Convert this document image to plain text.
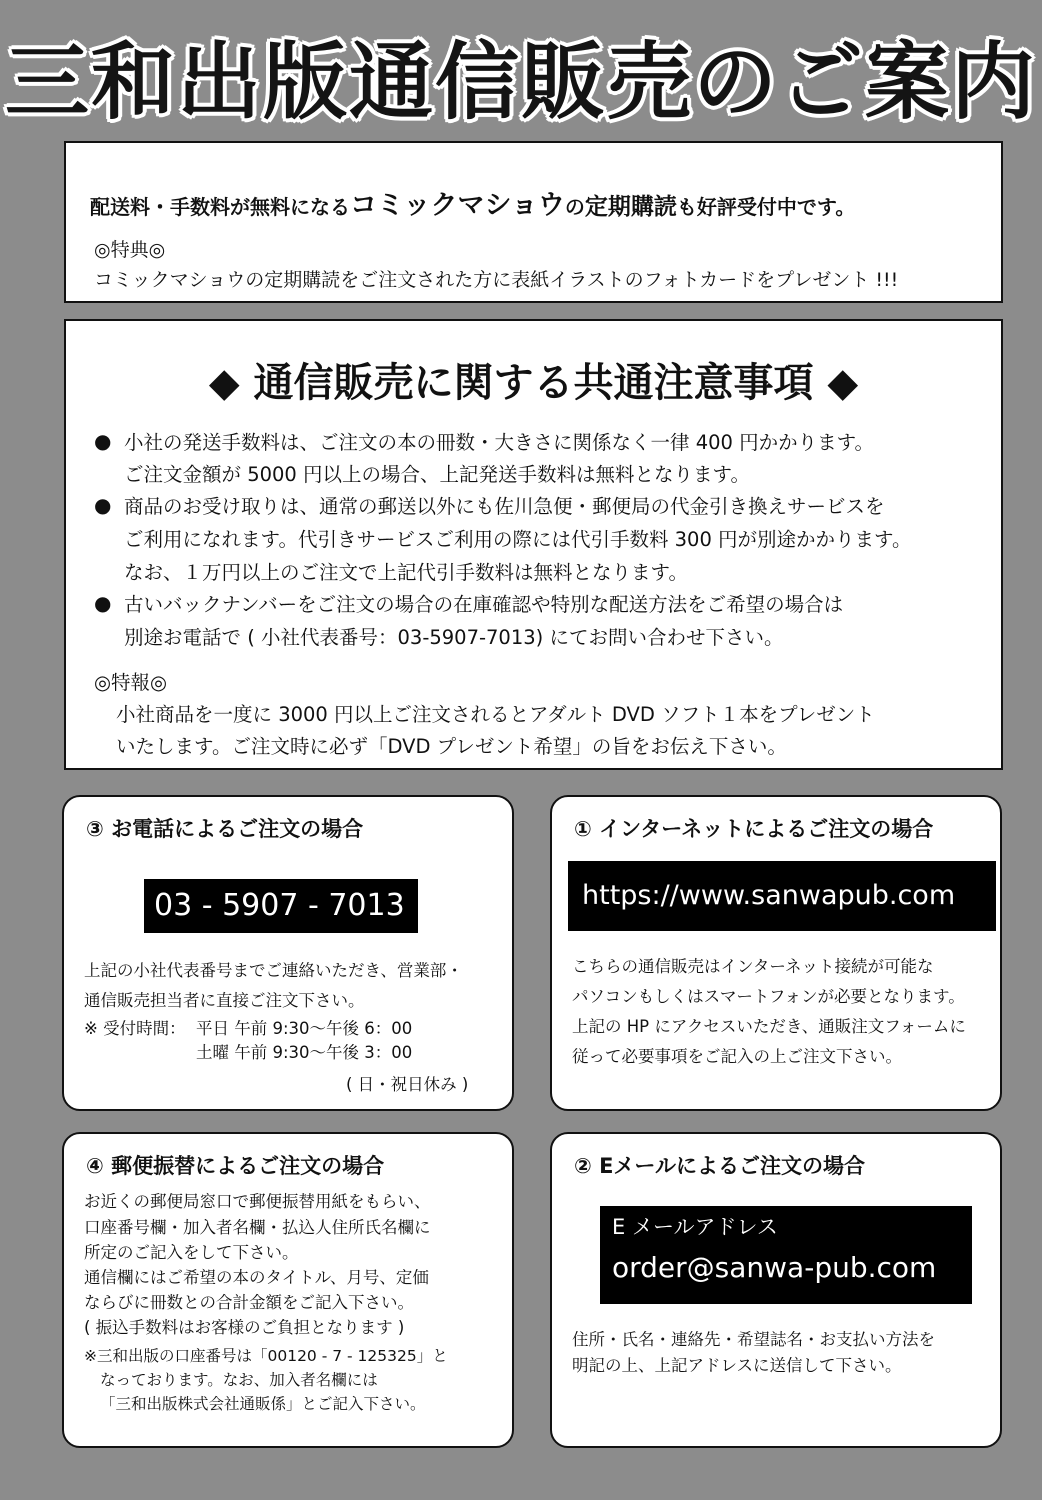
三和出版通信販売のご案内
配送料・手数料が無料になるコミックマショウの定期購読も好評受付中です。
◎特典◎
コミックマショウの定期購読をご注文された方に表紙イラストのフォトカードをプレゼント !!!
◆ 通信販売に関する共通注意事項 ◆
● 小社の発送手数料は、ご注文の本の冊数・大きさに関係なく一律 400 円かかります。
ご注文金額が 5000 円以上の場合、上記発送手数料は無料となります。
● 商品のお受け取りは、通常の郵送以外にも佐川急便・郵便局の代金引き換えサービスを
ご利用になれます。代引きサービスご利用の際には代引手数料 300 円が別途かかります。
なお、１万円以上のご注文で上記代引手数料は無料となります。
● 古いバックナンバーをご注文の場合の在庫確認や特別な配送方法をご希望の場合は
別途お電話で ( 小社代表番号：03-5907-7013) にてお問い合わせ下さい。
◎特報◎
小社商品を一度に 3000 円以上ご注文されるとアダルト DVD ソフト１本をプレゼント
いたします。ご注文時に必ず「DVD プレゼント希望」の旨をお伝え下さい。
③ お電話によるご注文の場合
03 - 5907 - 7013
上記の小社代表番号までご連絡いただき、営業部・
通信販売担当者に直接ご注文下さい。
※ 受付時間： 平日 午前 9:30〜午後 6：00
土曜 午前 9:30〜午後 3：00
( 日・祝日休み )
① インターネットによるご注文の場合
https://www.sanwapub.com
こちらの通信販売はインターネット接続が可能な
パソコンもしくはスマートフォンが必要となります。
上記の HP にアクセスいただき、通販注文フォームに
従って必要事項をご記入の上ご注文下さい。
④ 郵便振替によるご注文の場合
お近くの郵便局窓口で郵便振替用紙をもらい、
口座番号欄・加入者名欄・払込人住所氏名欄に
所定のご記入をして下さい。
通信欄にはご希望の本のタイトル、月号、定価
ならびに冊数との合計金額をご記入下さい。
( 振込手数料はお客様のご負担となります )
※三和出版の口座番号は「00120 - 7 - 125325」と
なっております。なお、加入者名欄には
「三和出版株式会社通販係」とご記入下さい。
② Eメールによるご注文の場合
E メールアドレス
order@sanwa-pub.com
住所・氏名・連絡先・希望誌名・お支払い方法を
明記の上、上記アドレスに送信して下さい。
